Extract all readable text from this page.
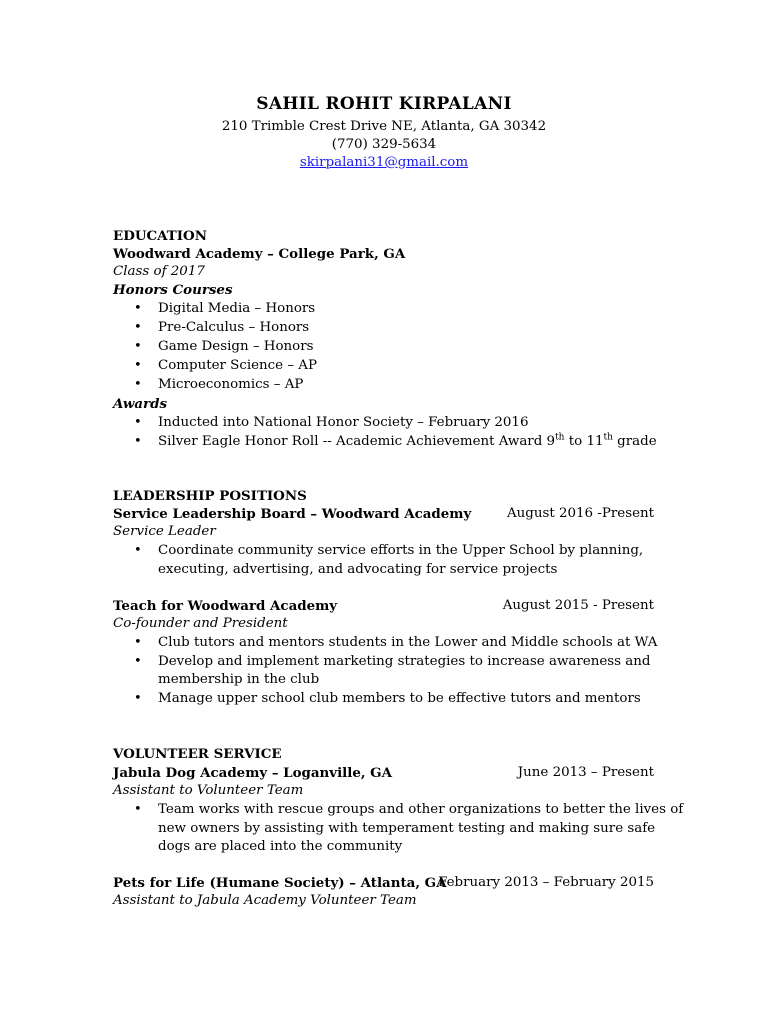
SAHIL ROHIT KIRPALANI
210 Trimble Crest Drive NE, Atlanta, GA 30342
(770) 329-5634
skirpalani31@gmail.com
EDUCATION
Woodward Academy – College Park, GA
Class of 2017
Honors Courses
• Digital Media – Honors
• Pre-Calculus – Honors
• Game Design – Honors
• Computer Science – AP
• Microeconomics – AP
Awards
• Inducted into National Honor Society – February 2016
• Silver Eagle Honor Roll -- Academic Achievement Award 9th to 11th grade
LEADERSHIP POSITIONS
Service Leadership Board – Woodward Academy	August 2016 -Present
Service Leader
• Coordinate community service efforts in the Upper School by planning,
executing, advertising, and advocating for service projects
Teach for Woodward Academy	August 2015 - Present
Co-founder and President
• Club tutors and mentors students in the Lower and Middle schools at WA
• Develop and implement marketing strategies to increase awareness and
membership in the club
• Manage upper school club members to be effective tutors and mentors
VOLUNTEER SERVICE
Jabula Dog Academy – Loganville, GA	June 2013 – Present
Assistant to Volunteer Team
• Team works with rescue groups and other organizations to better the lives of
new owners by assisting with temperament testing and making sure safe
dogs are placed into the community
Pets for Life (Humane Society) – Atlanta, GA
February 2013 – February 2015
Assistant to Jabula Academy Volunteer Team
